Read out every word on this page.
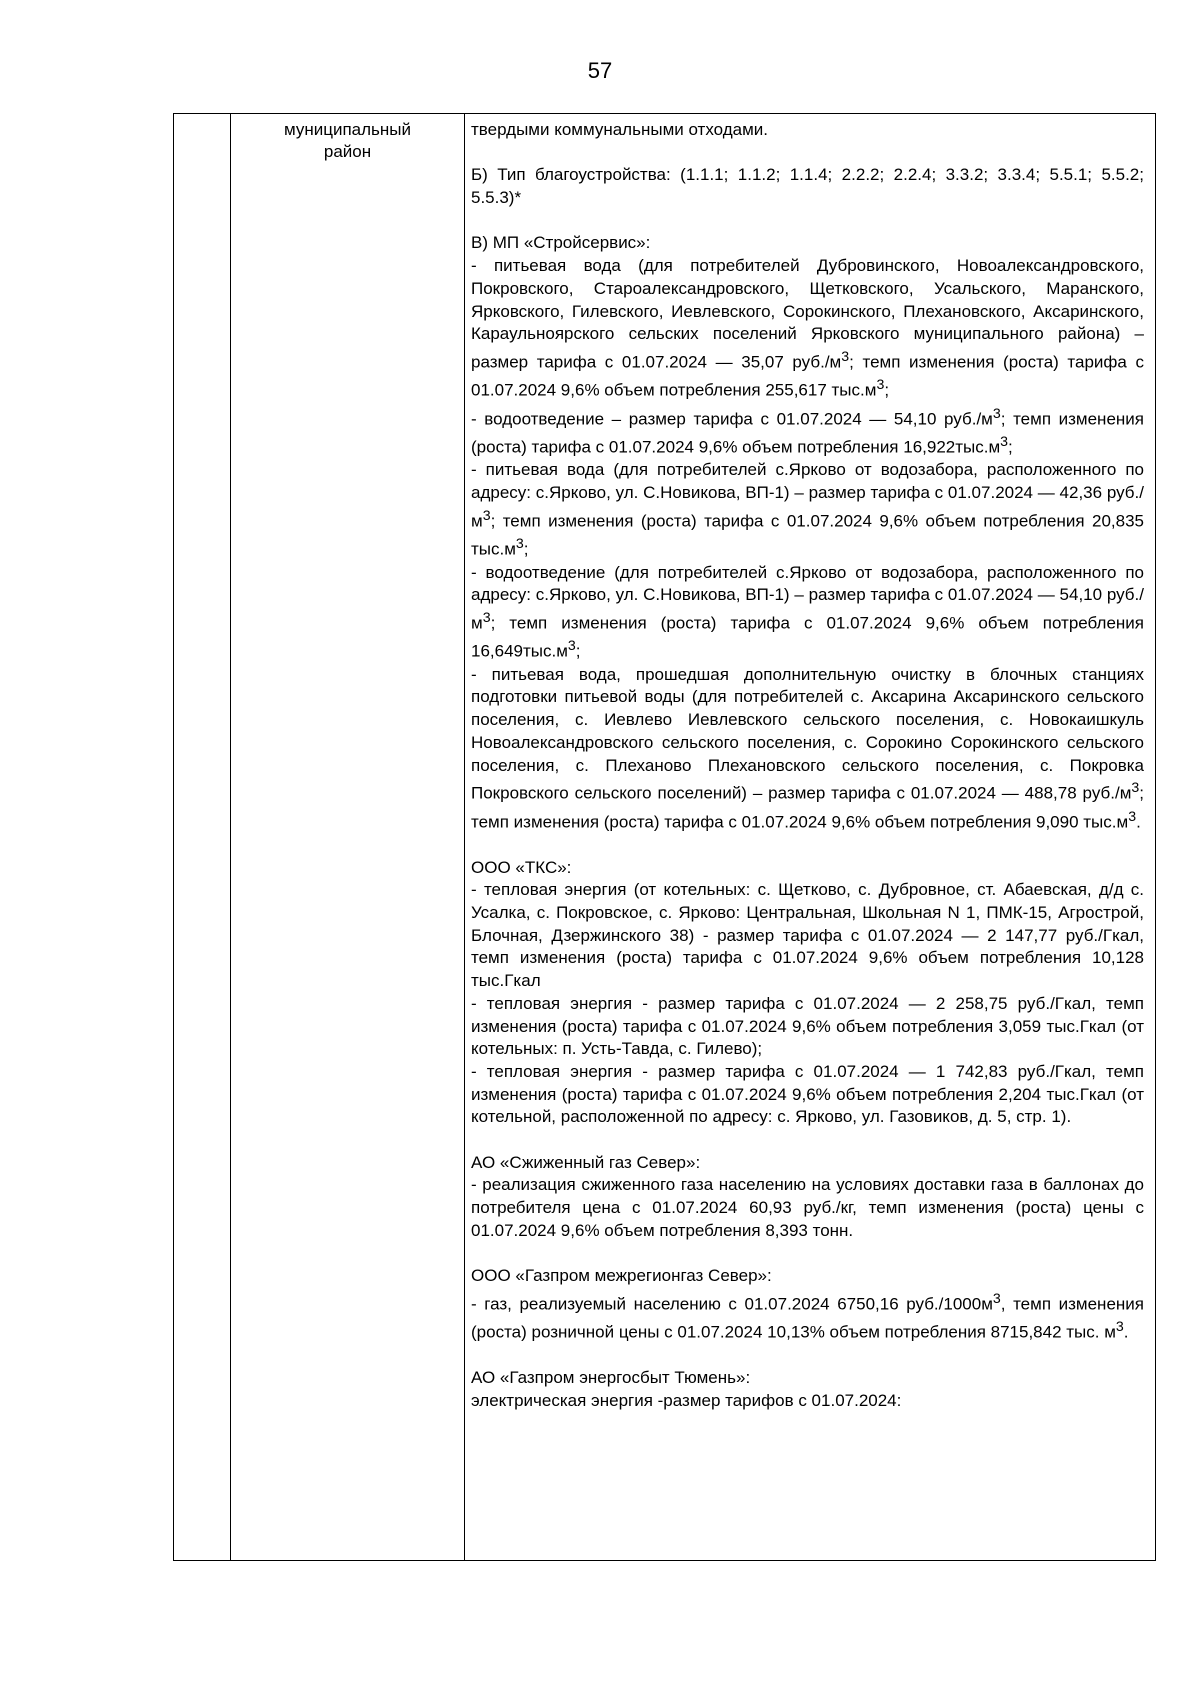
57
муниципальный
район

твердыми коммунальными отходами.

Б) Тип благоустройства: (1.1.1; 1.1.2; 1.1.4; 2.2.2; 2.2.4; 3.3.2; 3.3.4; 5.5.1; 5.5.2; 5.5.3)*

В) МП «Стройсервис»:

- питьевая вода (для потребителей Дубровинского, Новоалександровского, Покровского, Староалександровского, Щетковского, Усальского, Маранского, Ярковского, Гилевского, Иевлевского, Сорокинского, Плехановского, Аксаринского, Караульноярского сельских поселений Ярковского муниципального района) – размер тарифа с 01.07.2024 — 35,07 $руб./м^3$; темп изменения (роста) тарифа с 01.07.2024 9,6% объем потребления 255,617 $тыс.м^3$;

- водоотведение – размер тарифа с 01.07.2024 — 54,10 $руб./м^3$; темп изменения (роста) тарифа с 01.07.2024 9,6% объем потребления $16,922тыс.м^3$;

- питьевая вода (для потребителей с.Ярково от водозабора, расположенного по адресу: с.Ярково, ул. С.Новикова, ВП-1) – размер тарифа с 01.07.2024 — 42,36 $руб./м^3$; темп изменения (роста) тарифа с 01.07.2024 9,6% объем потребления 20,835 $тыс.м^3$;

- водоотведение (для потребителей с.Ярково от водозабора, расположенного по адресу: с.Ярково, ул. С.Новикова, ВП-1) – размер тарифа с 01.07.2024 — 54,10 $руб./м^3$; темп изменения (роста) тарифа с 01.07.2024 9,6% объем потребления $16,649тыс.м^3$;

- питьевая вода, прошедшая дополнительную очистку в блочных станциях подготовки питьевой воды (для потребителей с. Аксарина Аксаринского сельского поселения, с. Иевлево Иевлевского сельского поселения, с. Новокаишкуль Новоалександровского сельского поселения, с. Сорокино Сорокинского сельского поселения, с. Плеханово Плехановского сельского поселения, с. Покровка Покровского сельского поселений) – размер тарифа с 01.07.2024 — 488,78 $руб./м^3$; темп изменения (роста) тарифа с 01.07.2024 9,6% объем потребления 9,090 $тыс.м^3$.

ООО «ТКС»:

- тепловая энергия (от котельных: с. Щетково, с. Дубровное, ст. Абаевская, д/д с. Усалка, с. Покровское, с. Ярково: Центральная, Школьная N 1, ПМК-15, Агрострой, Блочная, Дзержинского 38) - размер тарифа с 01.07.2024 — 2 147,77 руб./Гкал, темп изменения (роста) тарифа с 01.07.2024 9,6% объем потребления 10,128 тыс.Гкал

- тепловая энергия - размер тарифа с 01.07.2024 — 2 258,75 руб./Гкал, темп изменения (роста) тарифа с 01.07.2024 9,6% объем потребления 3,059 тыс.Гкал (от котельных: п. Усть-Тавда, с. Гилево);

- тепловая энергия - размер тарифа с 01.07.2024 — 1 742,83 руб./Гкал, темп изменения (роста) тарифа с 01.07.2024 9,6% объем потребления 2,204 тыс.Гкал (от котельной, расположенной по адресу: с. Ярково, ул. Газовиков, д. 5, стр. 1).

АО «Сжиженный газ Север»:

- реализация сжиженного газа населению на условиях доставки газа в баллонах до потребителя цена с 01.07.2024 60,93 руб./кг, темп изменения (роста) цены с 01.07.2024 9,6% объем потребления 8,393 тонн.

ООО «Газпром межрегионгаз Север»:

- газ, реализуемый населению с 01.07.2024 6750,16 $руб./1000м^3$, темп изменения (роста) розничной цены с 01.07.2024 10,13% объем потребления 8715,842 тыс. $м^3$.

АО «Газпром энергосбыт Тюмень»:

электрическая энергия -размер тарифов с 01.07.2024:
